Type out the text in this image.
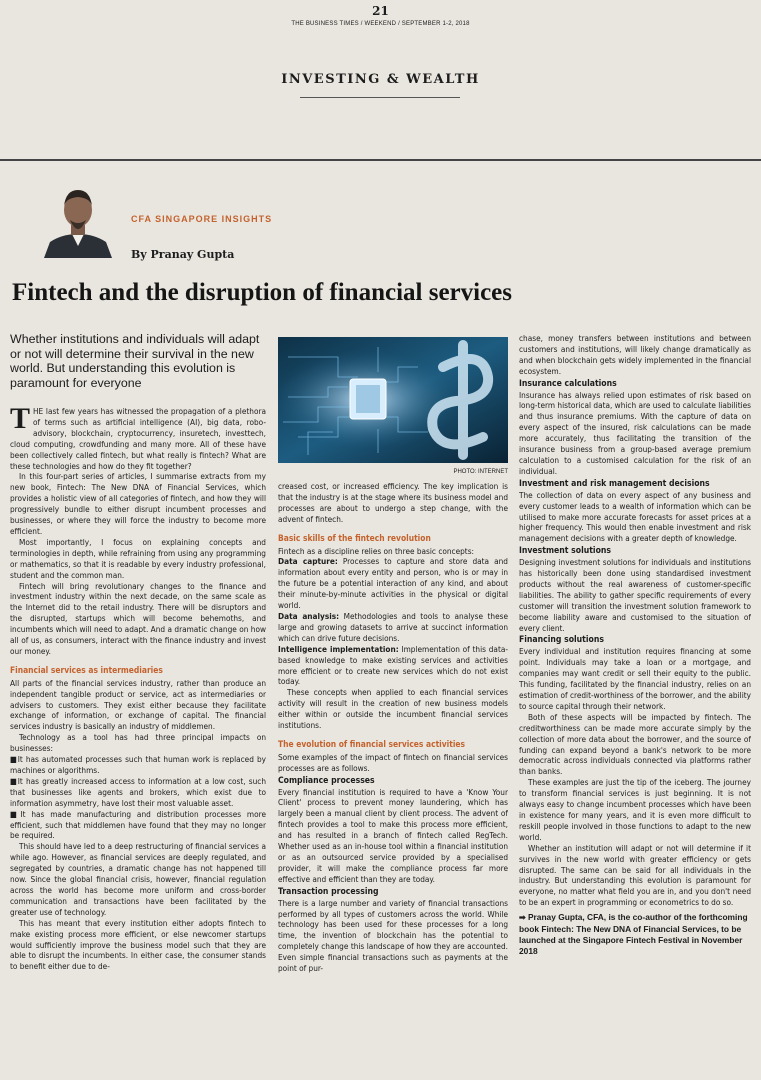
21
THE BUSINESS TIMES / WEEKEND / SEPTEMBER 1-2, 2018
INVESTING & WEALTH
CFA SINGAPORE INSIGHTS
By Pranay Gupta
Fintech and the disruption of financial services
Whether institutions and individuals will adapt or not will determine their survival in the new world. But understanding this evolution is paramount for everyone

THE last few years has witnessed the propagation of a plethora of terms such as artificial intelligence (AI), big data, robo-advisory, blockchain, cryptocurrency, insuretech, investtech, cloud computing, crowdfunding and many more. All of these have been collectively called fintech, but what really is fintech? What are these technologies and how do they fit together?

In this four-part series of articles, I summarise extracts from my new book, Fintech: The New DNA of Financial Services, which provides a holistic view of all categories of fintech, and how they will progressively bundle to either disrupt incumbent processes and businesses, or where they will force the industry to become more efficient.

Most importantly, I focus on explaining concepts and terminologies in depth, while refraining from using any programming or mathematics, so that it is readable by every industry professional, student and the common man.

Fintech will bring revolutionary changes to the finance and investment industry within the next decade, on the same scale as the Internet did to the retail industry. There will be disruptors and the disrupted, startups which will become behemoths, and incumbents which will need to adapt. And a dramatic change on how all of us, as consumers, interact with the finance industry and invest our money.

Financial services as intermediaries

All parts of the financial services industry, rather than produce an independent tangible product or service, act as intermediaries or advisers to customers. They exist either because they facilitate exchange of information, or exchange of capital. The financial services industry is basically an industry of middlemen.

Technology as a tool has had three principal impacts on businesses:

■ It has automated processes such that human work is replaced by machines or algorithms.

■ It has greatly increased access to information at a low cost, such that businesses like agents and brokers, which exist due to information asymmetry, have lost their most valuable asset.

■ It has made manufacturing and distribution processes more efficient, such that middlemen have found that they may no longer be required.

This should have led to a deep restructuring of financial services a while ago. However, as financial services are deeply regulated, and segregated by countries, a dramatic change has not happened till now. Since the global financial crisis, however, financial regulation across the world has become more uniform and cross-border communication and transactions have been facilitated by the greater use of technology.

This has meant that every institution either adopts fintech to make existing process more efficient, or else newcomer startups would sufficiently improve the business model such that they are able to disrupt the incumbents. In either case, the consumer stands to benefit either due to de-

PHOTO: INTERNET

creased cost, or increased efficiency. The key implication is that the industry is at the stage where its business model and processes are about to undergo a step change, with the advent of fintech.

Basic skills of the fintech revolution

Fintech as a discipline relies on three basic concepts:

Data capture: Processes to capture and store data and information about every entity and person, who is or may in the future be a potential interaction of any kind, and about their minute-by-minute activities in the physical or digital world.

Data analysis: Methodologies and tools to analyse these large and growing datasets to arrive at succinct information which can drive future decisions.

Intelligence implementation: Implementation of this data-based knowledge to make existing services and activities more efficient or to create new services which do not exist today.

These concepts when applied to each financial services activity will result in the creation of new business models either within or outside the incumbent financial services institutions.

The evolution of financial services activities

Some examples of the impact of fintech on financial services processes are as follows.

Compliance processes

Every financial institution is required to have a 'Know Your Client' process to prevent money laundering, which has largely been a manual client by client process. The advent of fintech provides a tool to make this process more efficient, and has resulted in a branch of fintech called RegTech. Whether used as an in-house tool within a financial institution or as an outsourced service provided by a specialised provider, it will make the compliance process far more effective and efficient than they are today.

Transaction processing

There is a large number and variety of financial transactions performed by all types of customers across the world. While technology has been used for these processes for a long time, the invention of blockchain has the potential to completely change this landscape of how they are accounted. Even simple financial transactions such as payments at the point of pur-

chase, money transfers between institutions and between customers and institutions, will likely change dramatically as and when blockchain gets widely implemented in the financial ecosystem.

Insurance calculations

Insurance has always relied upon estimates of risk based on long-term historical data, which are used to calculate liabilities and thus insurance premiums. With the capture of data on every aspect of the insured, risk calculations can be made more accurately, thus facilitating the transition of the insurance business from a group-based average premium calculation to a customised calculation for the risk of an individual.

Investment and risk management decisions

The collection of data on every aspect of any business and every customer leads to a wealth of information which can be utilised to make more accurate forecasts for asset prices at a higher frequency. This would then enable investment and risk management decisions with a greater depth of knowledge.

Investment solutions

Designing investment solutions for individuals and institutions has historically been done using standardised investment products without the real awareness of customer-specific liabilities. The ability to gather specific requirements of every customer will transition the investment solution framework to become liability aware and customised to the situation of every client.

Financing solutions

Every individual and institution requires financing at some point. Individuals may take a loan or a mortgage, and companies may want credit or sell their equity to the public. This funding, facilitated by the financial industry, relies on an estimation of credit-worthiness of the borrower, and the ability to source capital through their network.

Both of these aspects will be impacted by fintech. The creditworthiness can be made more accurate simply by the collection of more data about the borrower, and the source of funding can expand beyond a bank's network to be more democratic across individuals connected via platforms rather than banks.

These examples are just the tip of the iceberg. The journey to transform financial services is just beginning. It is not always easy to change incumbent processes which have been in existence for many years, and it is even more difficult to reskill people involved in those functions to adapt to the new world.

Whether an institution will adapt or not will determine if it survives in the new world with greater efficiency or gets disrupted. The same can be said for all individuals in the industry. But understanding this evolution is paramount for everyone, no matter what field you are in, and you don't need to be an expert in programming or econometrics to do so.

➡ Pranay Gupta, CFA, is the co-author of the forthcoming book Fintech: The New DNA of Financial Services, to be launched at the Singapore Fintech Festival in November 2018
